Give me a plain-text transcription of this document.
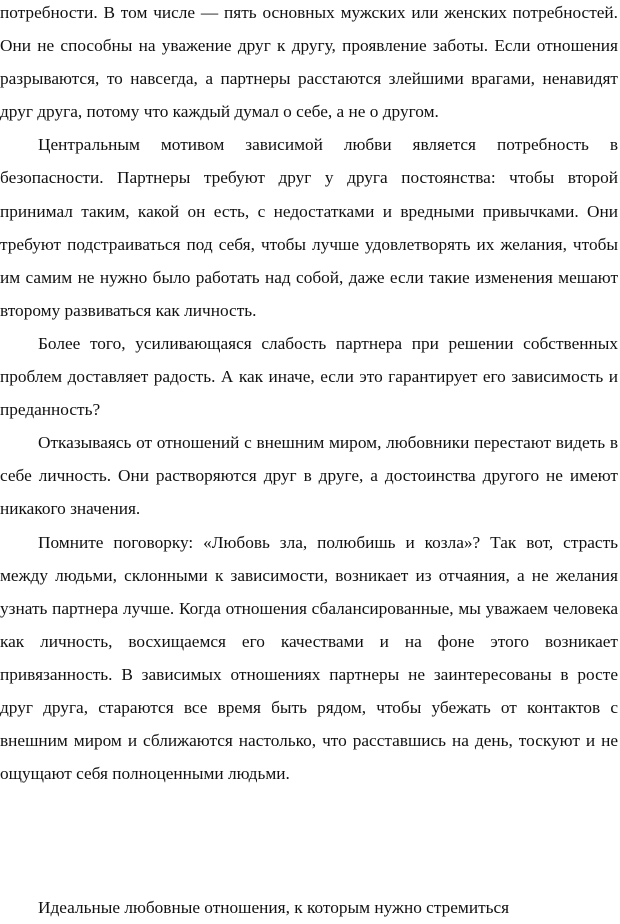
потребности. В том числе — пять основных мужских или женских потребностей. Они не способны на уважение друг к другу, проявление заботы. Если отношения разрываются, то навсегда, а партнеры расстаются злейшими врагами, ненавидят друг друга, потому что каждый думал о себе, а не о другом.

Центральным мотивом зависимой любви является потребность в безопасности. Партнеры требуют друг у друга постоянства: чтобы второй принимал таким, какой он есть, с недостатками и вредными привычками. Они требуют подстраиваться под себя, чтобы лучше удовлетворять их желания, чтобы им самим не нужно было работать над собой, даже если такие изменения мешают второму развиваться как личность.

Более того, усиливающаяся слабость партнера при решении собственных проблем доставляет радость. А как иначе, если это гарантирует его зависимость и преданность?

Отказываясь от отношений с внешним миром, любовники перестают видеть в себе личность. Они растворяются друг в друге, а достоинства другого не имеют никакого значения.

Помните поговорку: «Любовь зла, полюбишь и козла»? Так вот, страсть между людьми, склонными к зависимости, возникает из отчаяния, а не желания узнать партнера лучше. Когда отношения сбалансированные, мы уважаем человека как личность, восхищаемся его качествами и на фоне этого возникает привязанность. В зависимых отношениях партнеры не заинтересованы в росте друг друга, стараются все время быть рядом, чтобы убежать от контактов с внешним миром и сближаются настолько, что расставшись на день, тоскуют и не ощущают себя полноценными людьми.

Идеальные любовные отношения, к которым нужно стремиться
